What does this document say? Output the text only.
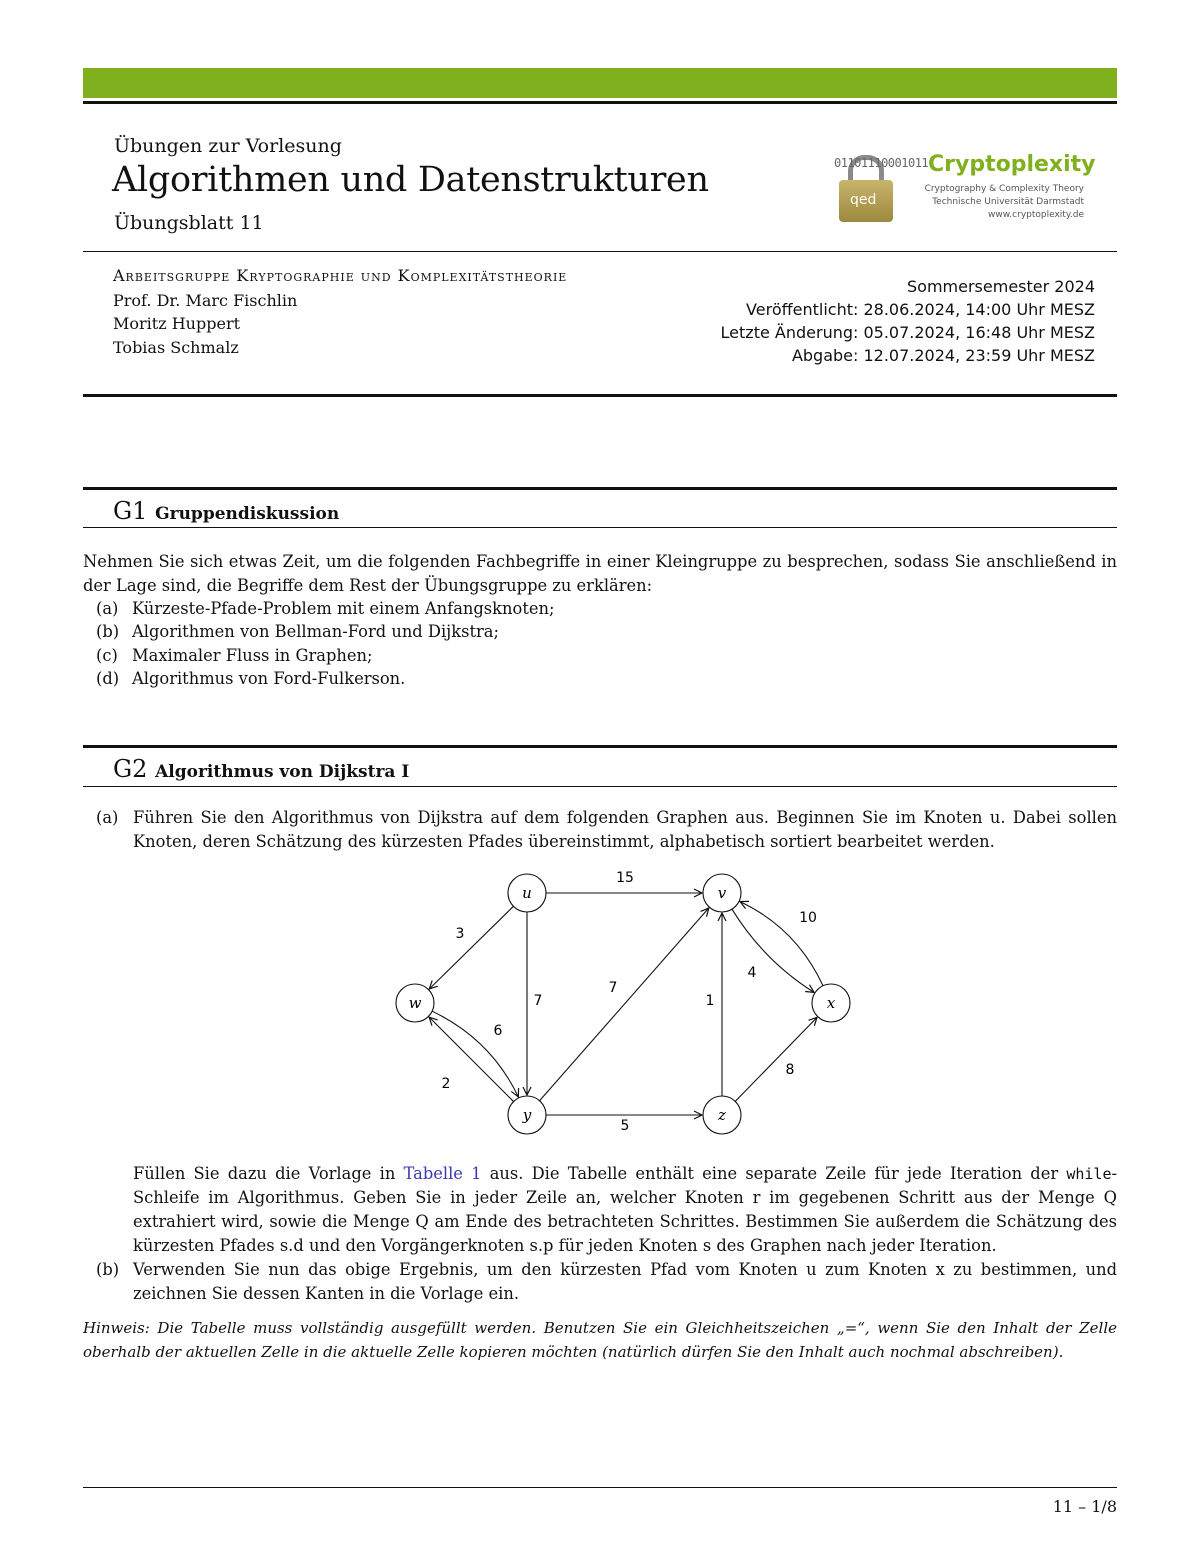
Übungen zur Vorlesung
Algorithmen und Datenstrukturen
Übungsblatt 11
qed
01101110001011 Cryptoplexity
Cryptography & Complexity Theory
Technische Universität Darmstadt
www.cryptoplexity.de
Arbeitsgruppe Kryptographie und Komplexitätstheorie
Prof. Dr. Marc Fischlin
Moritz Huppert
Tobias Schmalz
Sommersemester 2024
Veröffentlicht: 28.06.2024, 14:00 Uhr MESZ
Letzte Änderung: 05.07.2024, 16:48 Uhr MESZ
Abgabe: 12.07.2024, 23:59 Uhr MESZ
G1 Gruppendiskussion
Nehmen Sie sich etwas Zeit, um die folgenden Fachbegriffe in einer Kleingruppe zu besprechen, sodass Sie anschließend in der Lage sind, die Begriffe dem Rest der Übungsgruppe zu erklären:
(a) Kürzeste-Pfade-Problem mit einem Anfangsknoten;
(b) Algorithmen von Bellman-Ford und Dijkstra;
(c) Maximaler Fluss in Graphen;
(d) Algorithmus von Ford-Fulkerson.
G2 Algorithmus von Dijkstra I
(a) Führen Sie den Algorithmus von Dijkstra auf dem folgenden Graphen aus. Beginnen Sie im Knoten u. Dabei sollen Knoten, deren Schätzung des kürzesten Pfades übereinstimmt, alphabetisch sortiert bearbeitet werden.
15
3
7
2
6
7
5
1
8
4
10
u	v
w	x
y	z
Füllen Sie dazu die Vorlage in Tabelle 1 aus. Die Tabelle enthält eine separate Zeile für jede Iteration der while-Schleife im Algorithmus. Geben Sie in jeder Zeile an, welcher Knoten r im gegebenen Schritt aus der Menge Q extrahiert wird, sowie die Menge Q am Ende des betrachteten Schrittes. Bestimmen Sie außerdem die Schätzung des kürzesten Pfades s.d und den Vorgängerknoten s.p für jeden Knoten s des Graphen nach jeder Iteration.
(b) Verwenden Sie nun das obige Ergebnis, um den kürzesten Pfad vom Knoten u zum Knoten x zu bestimmen, und zeichnen Sie dessen Kanten in die Vorlage ein.
Hinweis: Die Tabelle muss vollständig ausgefüllt werden. Benutzen Sie ein Gleichheitszeichen „=“, wenn Sie den Inhalt der Zelle oberhalb der aktuellen Zelle in die aktuelle Zelle kopieren möchten (natürlich dürfen Sie den Inhalt auch nochmal abschreiben).
11 – 1/8
